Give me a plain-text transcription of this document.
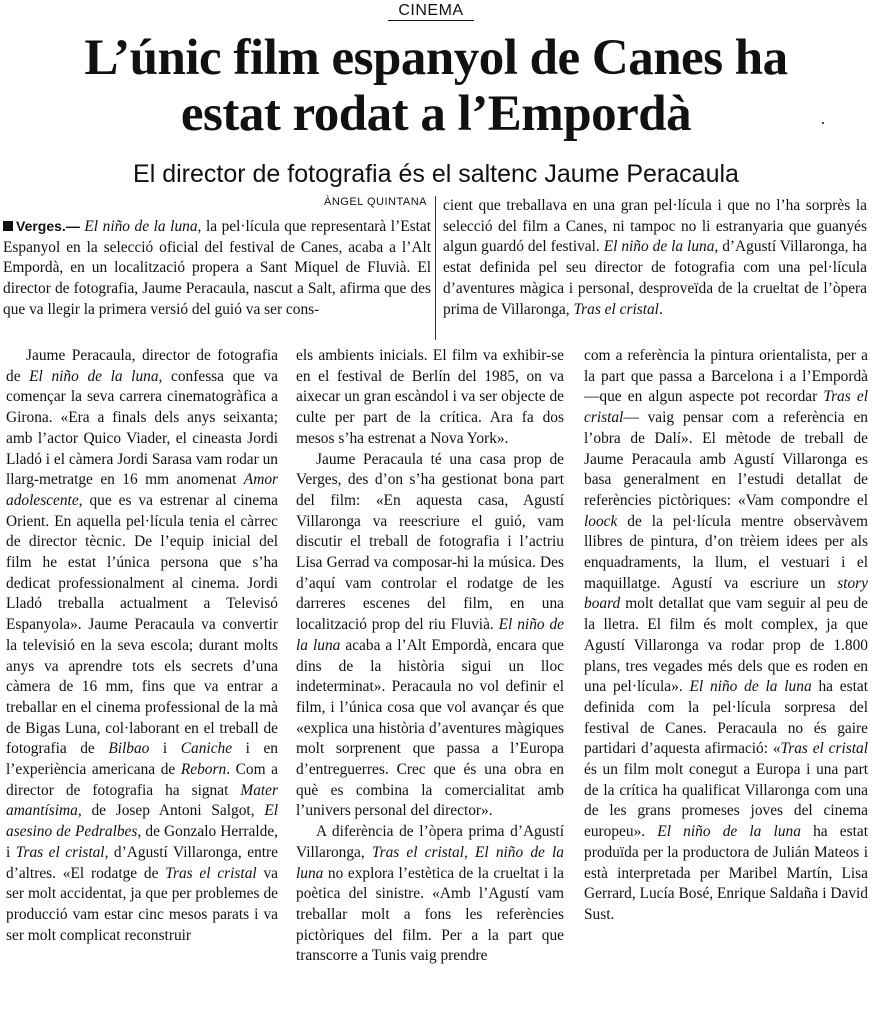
CINEMA
L’únic film espanyol de Canes ha
estat rodat a l’Empordà
El director de fotografia és el saltenc Jaume Peracaula
ÀNGEL QUINTANA

Verges.— El niño de la luna, la pel·lícula que representarà l’Estat Espanyol en la selecció oficial del festival de Canes, acaba a l’Alt Empordà, en un localització propera a Sant Miquel de Fluvià. El director de fotografia, Jaume Peracaula, nascut a Salt, afirma que des que va llegir la primera versió del guió va ser cons-

cient que treballava en una gran pel·lícula i que no l’ha sorprès la selecció del film a Canes, ni tampoc no li estranyaria que guanyés algun guardó del festival. El niño de la luna, d’Agustí Villaronga, ha estat definida pel seu director de fotografia com una pel·lícula d’aventures màgica i personal, desproveïda de la crueltat de l’òpera prima de Villaronga, Tras el cristal.

Jaume Peracaula, director de fotografia de El niño de la luna, confessa que va començar la seva carrera cinematogràfica a Girona. «Era a finals dels anys seixanta; amb l’actor Quico Viader, el cineasta Jordi Lladó i el càmera Jordi Sarasa vam rodar un llarg-metratge en 16 mm anomenat Amor adolescente, que es va estrenar al cinema Orient. En aquella pel·lícula tenia el càrrec de director tècnic. De l’equip inicial del film he estat l’única persona que s’ha dedicat professionalment al cinema. Jordi Lladó treballa actualment a Televisó Espanyola». Jaume Peracaula va convertir la televisió en la seva escola; durant molts anys va aprendre tots els secrets d’una càmera de 16 mm, fins que va entrar a treballar en el cinema professional de la mà de Bigas Luna, col·laborant en el treball de fotografia de Bilbao i Caniche i en l’experiència americana de Reborn. Com a director de fotografia ha signat Mater amantísima, de Josep Antoni Salgot, El asesino de Pedralbes, de Gonzalo Herralde, i Tras el cristal, d’Agustí Villaronga, entre d’altres. «El rodatge de Tras el cristal va ser molt accidentat, ja que per problemes de producció vam estar cinc mesos parats i va ser molt complicat reconstruir

els ambients inicials. El film va exhibir-se en el festival de Berlín del 1985, on va aixecar un gran escàndol i va ser objecte de culte per part de la crítica. Ara fa dos mesos s’ha estrenat a Nova York».

Jaume Peracaula té una casa prop de Verges, des d’on s’ha gestionat bona part del film: «En aquesta casa, Agustí Villaronga va reescriure el guió, vam discutir el treball de fotografia i l’actriu Lisa Gerrad va composar-hi la música. Des d’aquí vam controlar el rodatge de les darreres escenes del film, en una localització prop del riu Fluvià. El niño de la luna acaba a l’Alt Empordà, encara que dins de la història sigui un lloc indeterminat». Peracaula no vol definir el film, i l’única cosa que vol avançar és que «explica una història d’aventures màgiques molt sorprenent que passa a l’Europa d’entreguerres. Crec que és una obra en què es combina la comercialitat amb l’univers personal del director».

A diferència de l’òpera prima d’Agustí Villaronga, Tras el cristal, El niño de la luna no explora l’estètica de la crueltat i la poètica del sinistre. «Amb l’Agustí vam treballar molt a fons les referències pictòriques del film. Per a la part que transcorre a Tunis vaig prendre

com a referència la pintura orientalista, per a la part que passa a Barcelona i a l’Empordà —que en algun aspecte pot recordar Tras el cristal— vaig pensar com a referència en l’obra de Dalí». El mètode de treball de Jaume Peracaula amb Agustí Villaronga es basa generalment en l’estudi detallat de referències pictòriques: «Vam compondre el loock de la pel·lícula mentre observàvem llibres de pintura, d’on trèiem idees per als enquadraments, la llum, el vestuari i el maquillatge. Agustí va escriure un story board molt detallat que vam seguir al peu de la lletra. El film és molt complex, ja que Agustí Villaronga va rodar prop de 1.800 plans, tres vegades més dels que es roden en una pel·lícula». El niño de la luna ha estat definida com la pel·lícula sorpresa del festival de Canes. Peracaula no és gaire partidari d’aquesta afirmació: «Tras el cristal és un film molt conegut a Europa i una part de la crítica ha qualificat Villaronga com una de les grans promeses joves del cinema europeu». El niño de la luna ha estat produïda per la productora de Julián Mateos i està interpretada per Maribel Martín, Lisa Gerrard, Lucía Bosé, Enrique Saldaña i David Sust.
